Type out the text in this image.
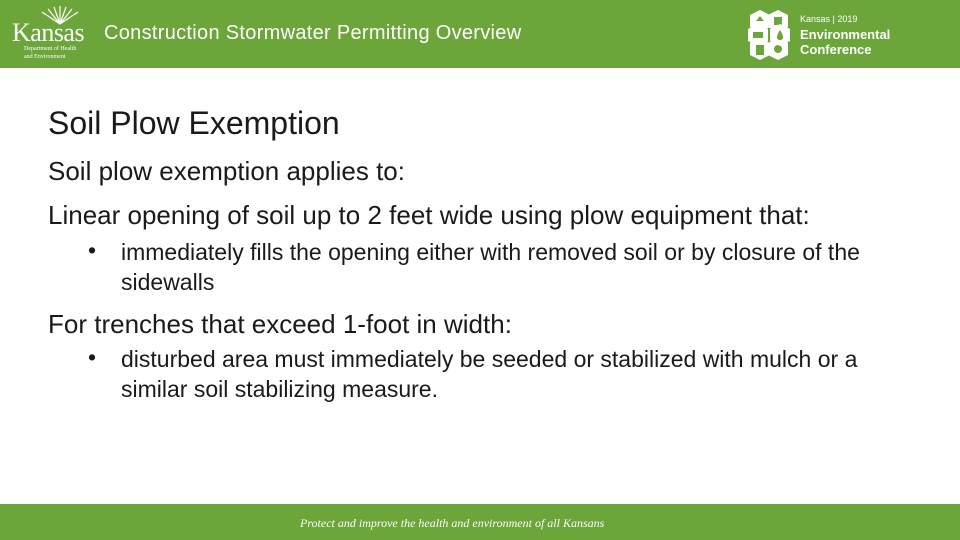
Kansas
Department of Health
and Environment
Construction Stormwater Permitting Overview
Kansas | 2019
Environmental
Conference
Soil Plow Exemption
Soil plow exemption applies to:
Linear opening of soil up to 2 feet wide using plow equipment that:
• immediately fills the opening either with removed soil or by closure of the sidewalls
For trenches that exceed 1-foot in width:
• disturbed area must immediately be seeded or stabilized with mulch or a similar soil stabilizing measure.
Protect and improve the health and environment of all Kansans
